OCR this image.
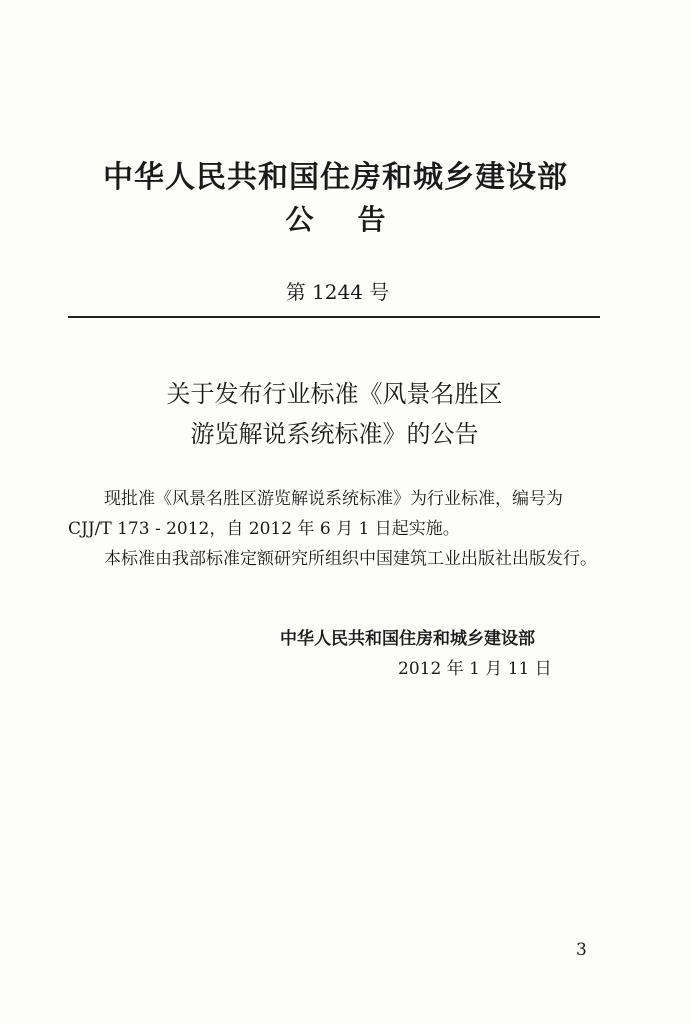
中华人民共和国住房和城乡建设部
公告
第 1244 号
关于发布行业标准《风景名胜区
游览解说系统标准》的公告

现批准《风景名胜区游览解说系统标准》为行业标准，编号为 CJJ/T 173 - 2012，自 2012 年 6 月 1 日起实施。

本标准由我部标准定额研究所组织中国建筑工业出版社出版发行。

中华人民共和国住房和城乡建设部
2012 年 1 月 11 日
3
